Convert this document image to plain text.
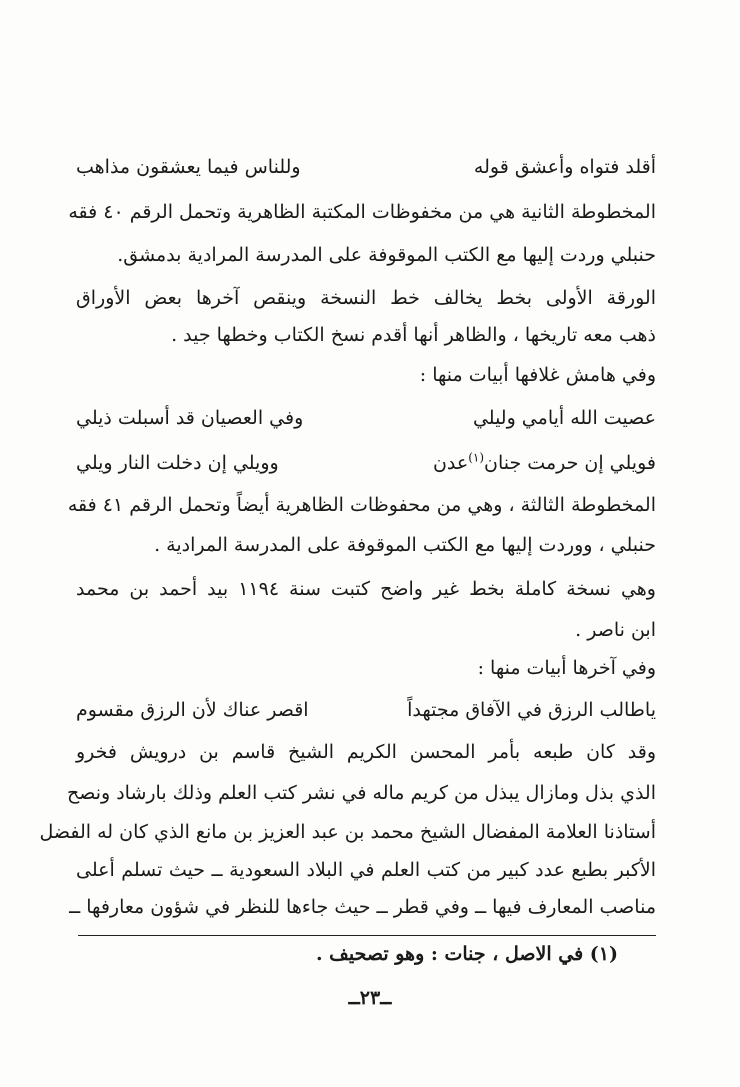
أقلد فتواه وأعشق قوله
وللناس فيما يعشقون مذاهب
المخطوطة الثانية هي من مخفوظات المكتبة الظاهرية وتحمل الرقم ٤٠ فقه
حنبلي وردت إليها مع الكتب الموقوفة على المدرسة المرادية بدمشق.
الورقة الأولى بخط يخالف خط النسخة وينقص آخرها بعض الأوراق
ذهب معه تاريخها ، والظاهر أنها أقدم نسخ الكتاب وخطها جيد .
وفي هامش غلافها أبيات منها :
عصيت الله أيامي وليلي
وفي العصيان قد أسبلت ذيلي
فويلي إن حرمت جنان$^{(١)}$عدن
وويلي إن دخلت النار ويلي
المخطوطة الثالثة ، وهي من محفوظات الظاهرية أيضاً وتحمل الرقم ٤١ فقه
حنبلي ، ووردت إليها مع الكتب الموقوفة على المدرسة المرادية .
وهي نسخة كاملة بخط غير واضح كتبت سنة ١١٩٤ بيد أحمد بن محمد
ابن ناصر .
وفي آخرها أبيات منها :
ياطالب الرزق في الآفاق مجتهداً
اقصر عناك لأن الرزق مقسوم
وقد كان طبعه بأمر المحسن الكريم الشيخ قاسم بن درويش فخرو
الذي بذل ومازال يبذل من كريم ماله في نشر كتب العلم وذلك بارشاد ونصح
أستاذنا العلامة المفضال الشيخ محمد بن عبد العزيز بن مانع الذي كان له الفضل
الأكبر بطبع عدد كبير من كتب العلم في البلاد السعودية ــ حيث تسلم أعلى
مناصب المعارف فيها ــ وفي قطر ــ حيث جاءها للنظر في شؤون معارفها ــ
(١) في الاصل ، جنات : وهو تصحيف .
ــ٢٣ــ
